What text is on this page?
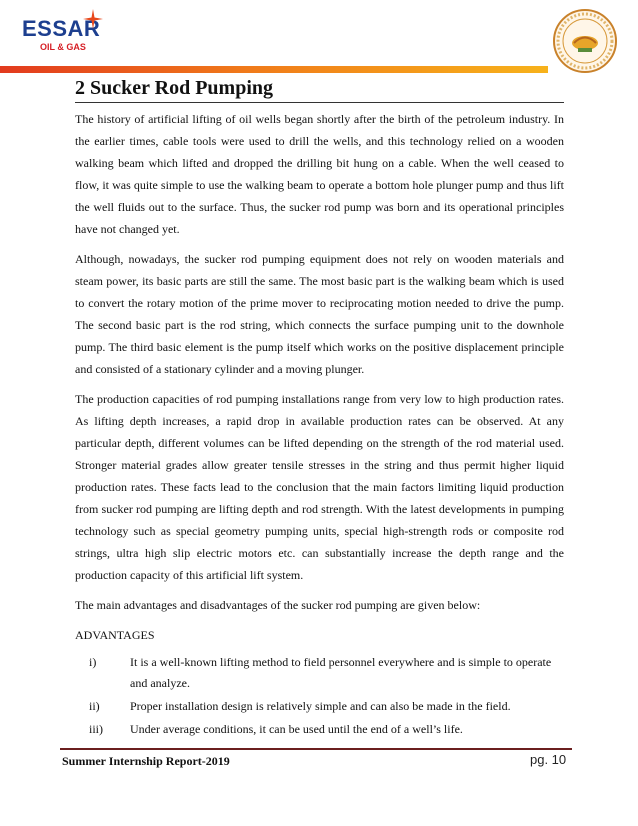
ESSAR
OIL & GAS
2 Sucker Rod Pumping

The history of artificial lifting of oil wells began shortly after the birth of the petroleum industry. In the earlier times, cable tools were used to drill the wells, and this technology relied on a wooden walking beam which lifted and dropped the drilling bit hung on a cable. When the well ceased to flow, it was quite simple to use the walking beam to operate a bottom hole plunger pump and thus lift the well fluids out to the surface. Thus, the sucker rod pump was born and its operational principles have not changed yet.

Although, nowadays, the sucker rod pumping equipment does not rely on wooden materials and steam power, its basic parts are still the same. The most basic part is the walking beam which is used to convert the rotary motion of the prime mover to reciprocating motion needed to drive the pump. The second basic part is the rod string, which connects the surface pumping unit to the downhole pump. The third basic element is the pump itself which works on the positive displacement principle and consisted of a stationary cylinder and a moving plunger.

The production capacities of rod pumping installations range from very low to high production rates. As lifting depth increases, a rapid drop in available production rates can be observed. At any particular depth, different volumes can be lifted depending on the strength of the rod material used. Stronger material grades allow greater tensile stresses in the string and thus permit higher liquid production rates. These facts lead to the conclusion that the main factors limiting liquid production from sucker rod pumping are lifting depth and rod strength. With the latest developments in pumping technology such as special geometry pumping units, special high-strength rods or composite rod strings, ultra high slip electric motors etc. can substantially increase the depth range and the production capacity of this artificial lift system.

The main advantages and disadvantages of the sucker rod pumping are given below:

ADVANTAGES

i)	It is a well-known lifting method to field personnel everywhere and is simple to operate and analyze.
ii)	Proper installation design is relatively simple and can also be made in the field.
iii) Under average conditions, it can be used until the end of a well’s life.
Summer Internship Report-2019	pg. 10
